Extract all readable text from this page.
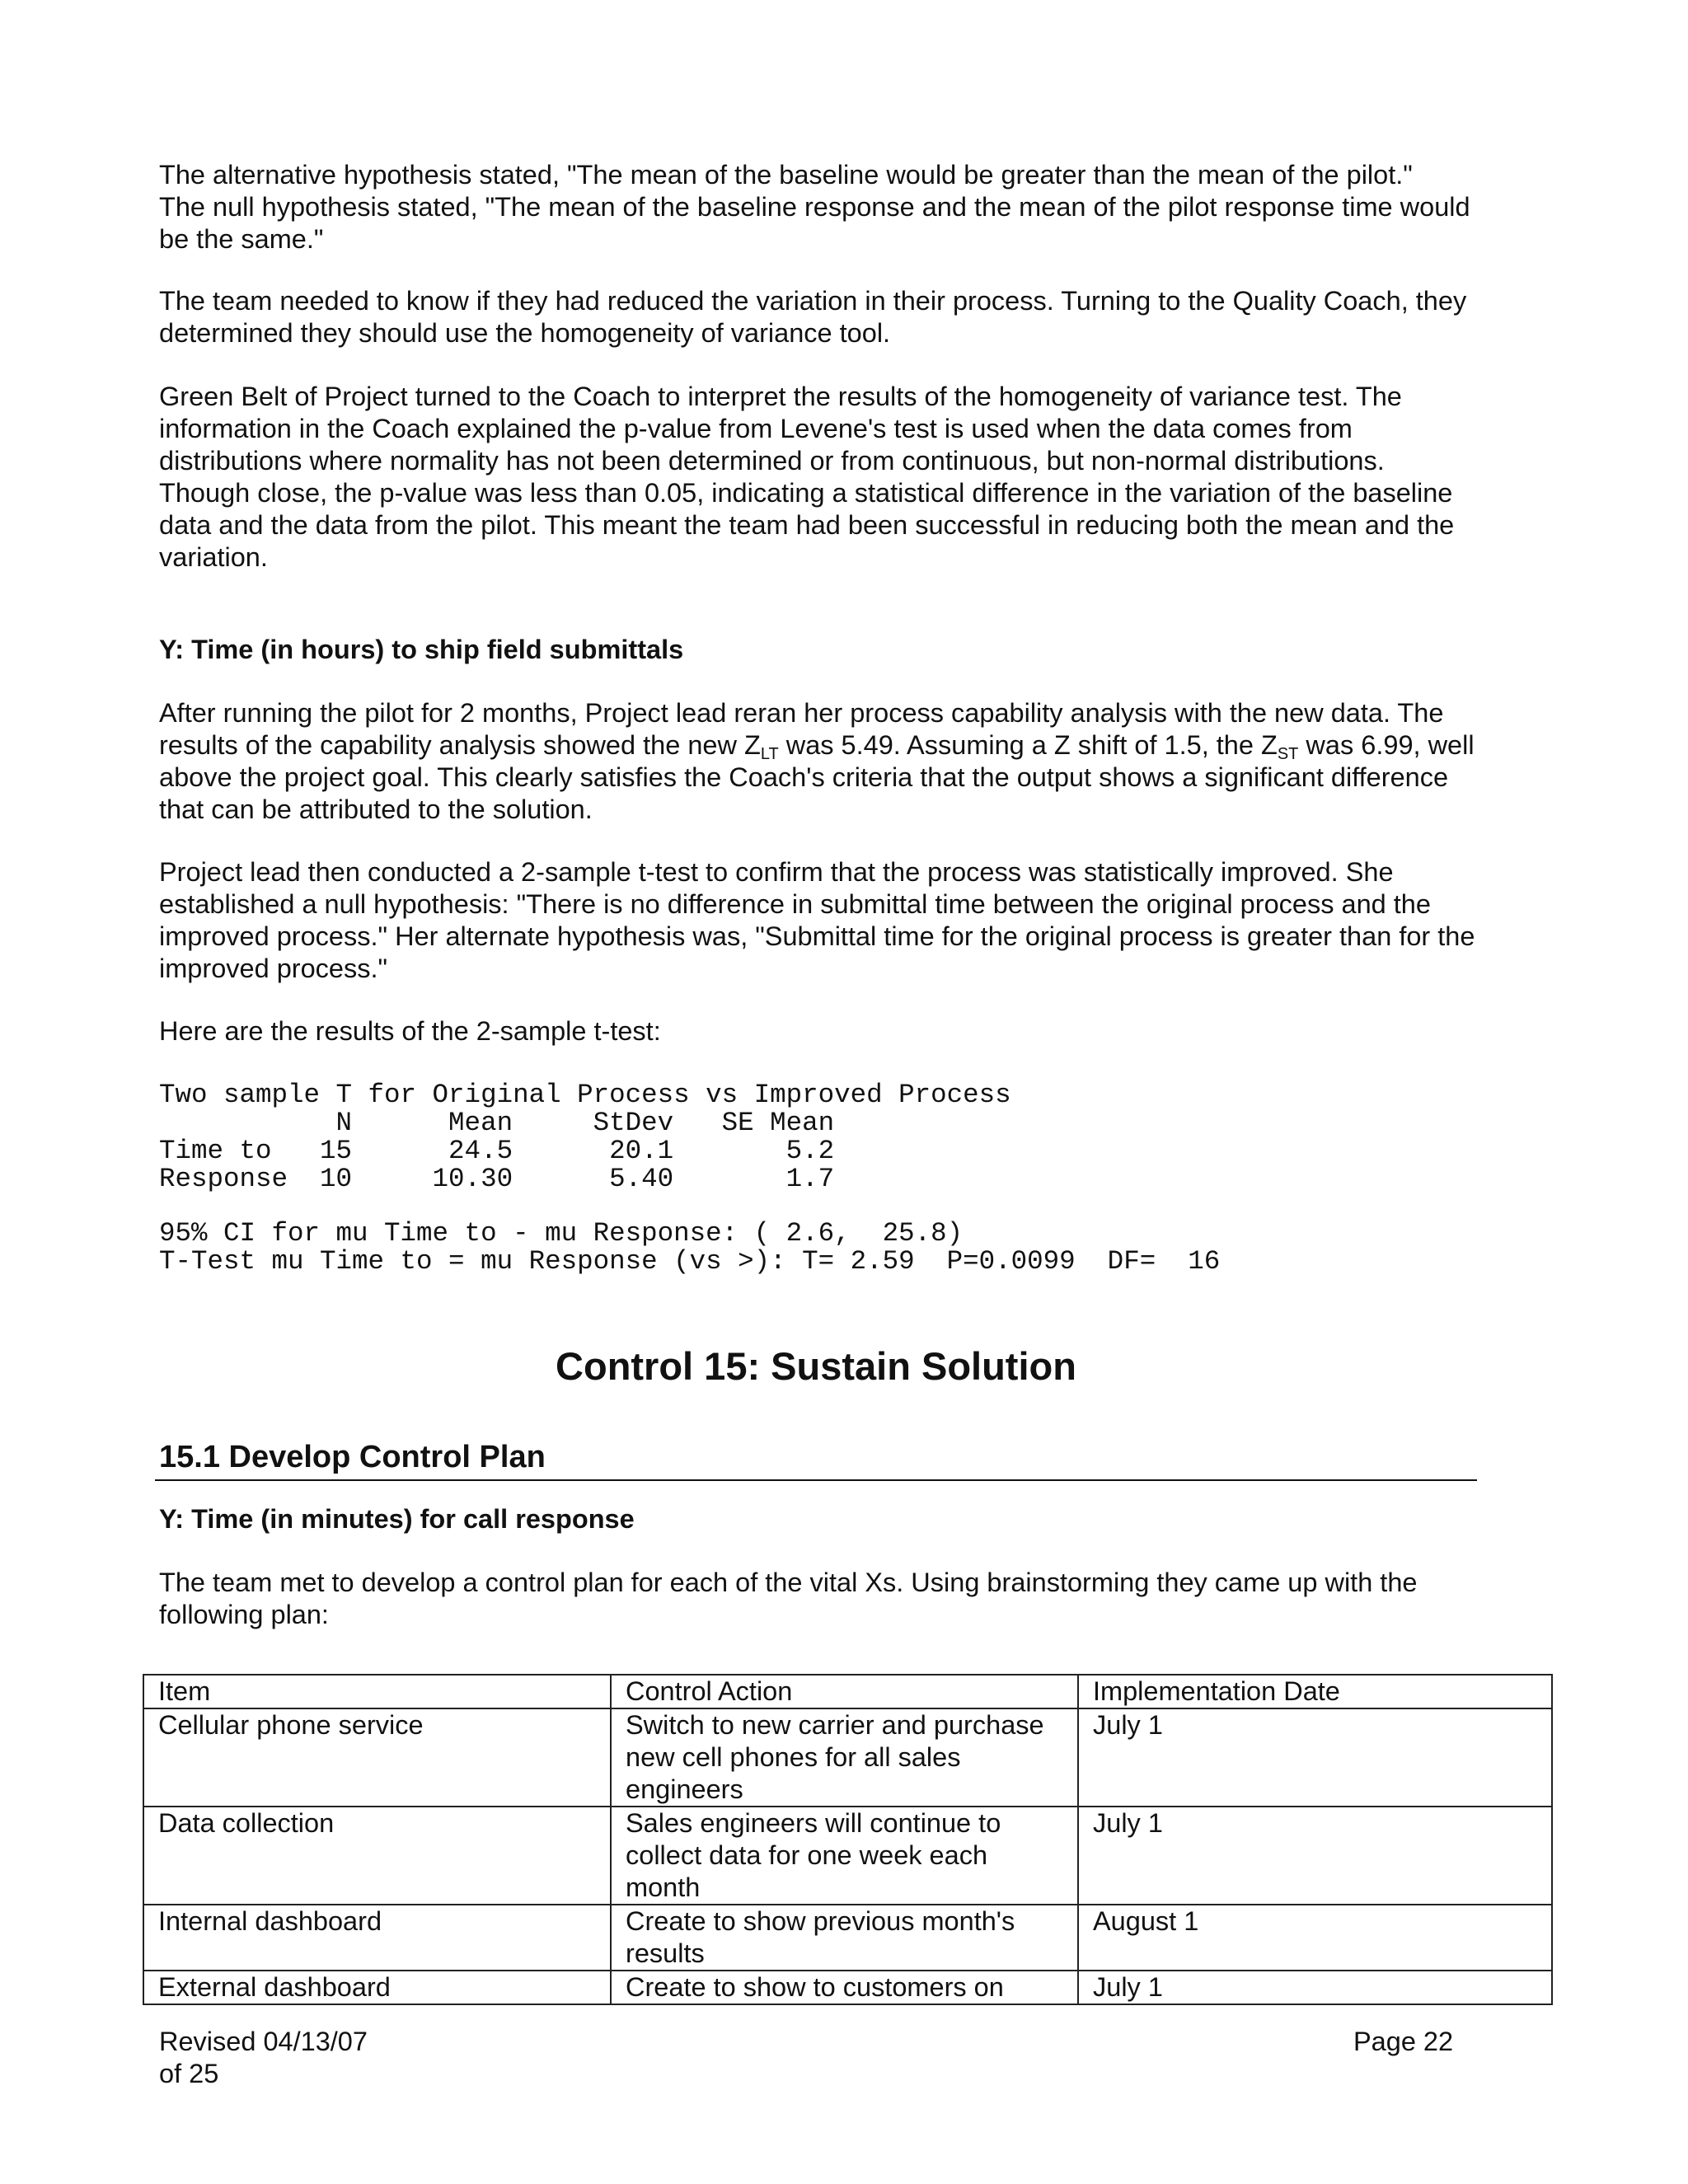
The alternative hypothesis stated, "The mean of the baseline would be greater than the mean of the pilot."

The null hypothesis stated, "The mean of the baseline response and the mean of the pilot response time would be the same."

The team needed to know if they had reduced the variation in their process. Turning to the Quality Coach, they determined they should use the homogeneity of variance tool.

Green Belt of Project turned to the Coach to interpret the results of the homogeneity of variance test. The information in the Coach explained the p-value from Levene's test is used when the data comes from distributions where normality has not been determined or from continuous, but non-normal distributions. Though close, the p-value was less than 0.05, indicating a statistical difference in the variation of the baseline data and the data from the pilot. This meant the team had been successful in reducing both the mean and the variation.

Y: Time (in hours) to ship field submittals

After running the pilot for 2 months, Project lead reran her process capability analysis with the new data. The results of the capability analysis showed the new $Z_{LT}$ was 5.49. Assuming a Z shift of 1.5, the $Z_{ST}$ was 6.99, well above the project goal. This clearly satisfies the Coach's criteria that the output shows a significant difference that can be attributed to the solution.

Project lead then conducted a 2-sample t-test to confirm that the process was statistically improved. She established a null hypothesis: "There is no difference in submittal time between the original process and the improved process." Her alternate hypothesis was, "Submittal time for the original process is greater than for the improved process."

Here are the results of the 2-sample t-test:

Two sample T for Original Process vs Improved Process

N      Mean     StDev   SE Mean

Time to   15      24.5      20.1       5.2

Response  10     10.30      5.40       1.7

95% CI for mu Time to - mu Response: ( 2.6,  25.8)

T-Test mu Time to = mu Response (vs >): T= 2.59  P=0.0099  DF=  16

Control 15: Sustain Solution
15.1 Develop Control Plan

Y: Time (in minutes) for call response

The team met to develop a control plan for each of the vital Xs. Using brainstorming they came up with the following plan:

Item	Control Action	Implementation Date
Cellular phone service	Switch to new carrier and purchase new cell phones for all sales engineers	July 1
Data collection	Sales engineers will continue to collect data for one week each month	July 1
Internal dashboard	Create to show previous month's results	August 1
External dashboard	Create to show to customers on	July 1
Revised 04/13/07
of 25
Page 22
